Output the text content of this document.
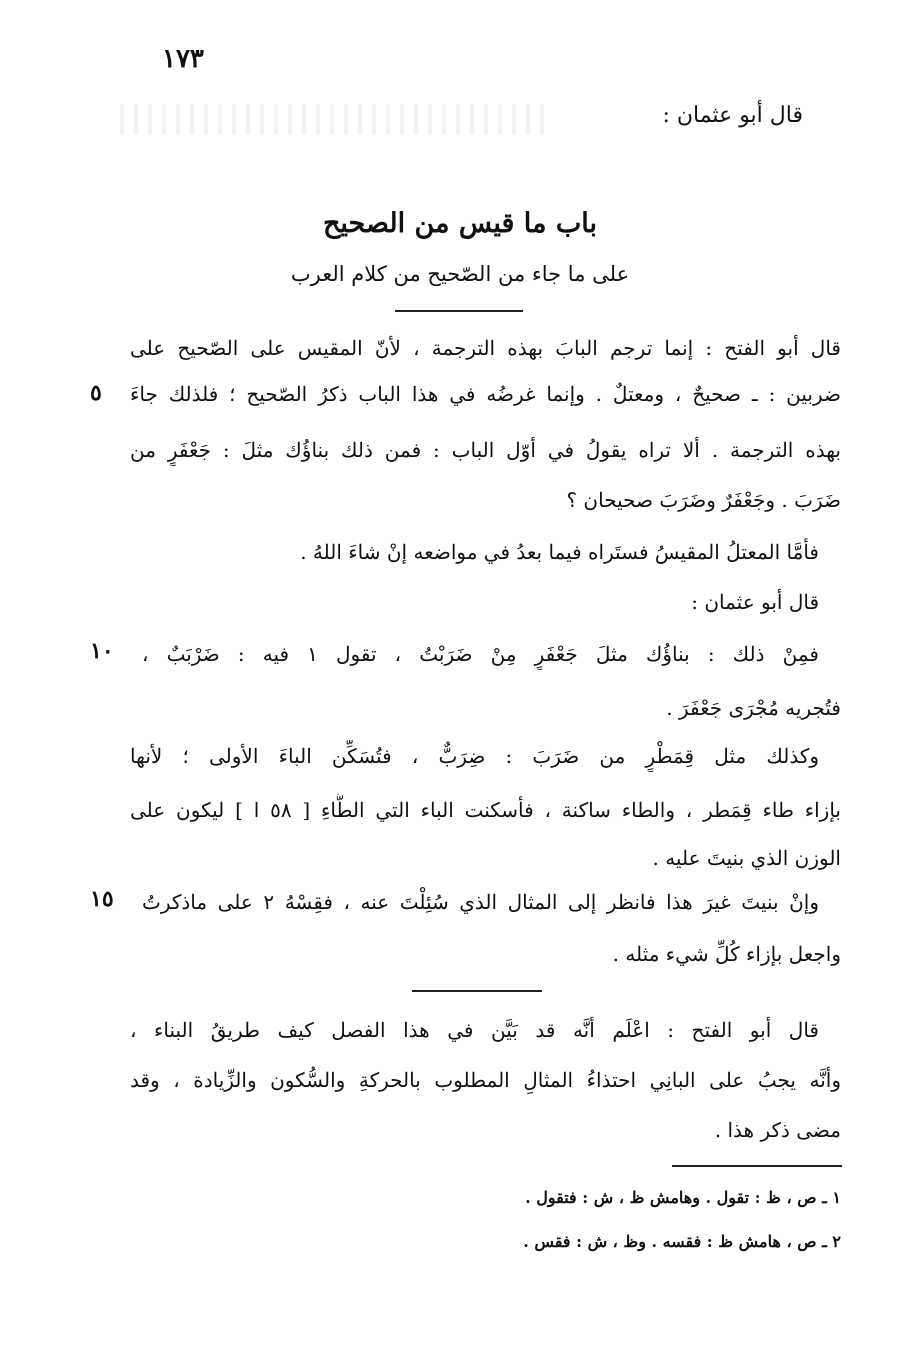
١٧٣
قال أبو عثمان :
باب ما قيس من الصحيح
على ما جاء من الصّحيح من كلام العرب
قال أبو الفتح : إنما ترجم البابَ بهذه الترجمة ، لأنّ المقيس على الصّحيح على
ضربين : ـ صحيحٌ ، ومعتلٌ . وإنما غرضُه في هذا الباب ذكرُ الصّحيح ؛ فلذلك جاءَ
٥
بهذه الترجمة . ألا تراه يقولُ في أوّل الباب : فمن ذلك بناؤُك مثلَ : جَعْفَرٍ من
ضَرَبَ . وجَعْفَرٌ وضَرَبَ صحيحان ؟
فأمَّا المعتلُ المقيسُ فستَراه فيما بعدُ في مواضعه إنْ شاءَ اللهُ .
قال أبو عثمان :
فمِنْ ذلك : بناؤُك مثلَ جَعْفَرٍ مِنْ ضَرَبْتُ ، تقول ١ فيه : ضَرْبَبٌ ،
١٠
فتُجريه مُجْرَى جَعْفَرَ .
وكذلك مثل قِمَطْرٍ من ضَرَبَ : ضِرَبٌّ ، فتُسَكِّن الباءَ الأولى ؛ لأنها
بإزاء طاء قِمَطر ، والطاء ساكنة ، فأسكنت الباء التي الطَّاءِ [ ٥٨ ا ] ليكون على
الوزن الذي بنيتَ عليه .
وإنْ بنيتَ غيرَ هذا فانظر إلى المثال الذي سُئِلْتَ عنه ، فقِسْهُ ٢ على ماذكرتُ
١٥
واجعل بإزاء كُلِّ شيء مثله .
قال أبو الفتح : اعْلَم أنَّه قد بَيَّن في هذا الفصل كيف طريقُ البناء ،
وأنَّه يجبُ على البانِي احتذاءُ المثالِ المطلوب بالحركةِ والسُّكون والزِّيادة ، وقد
مضى ذكر هذا .
١ ـ ص ، ظ : تقول . وهامش ظ ، ش : فتقول .
٢ ـ ص ، هامش ظ : فقسه . وظ ، ش : فقس .
